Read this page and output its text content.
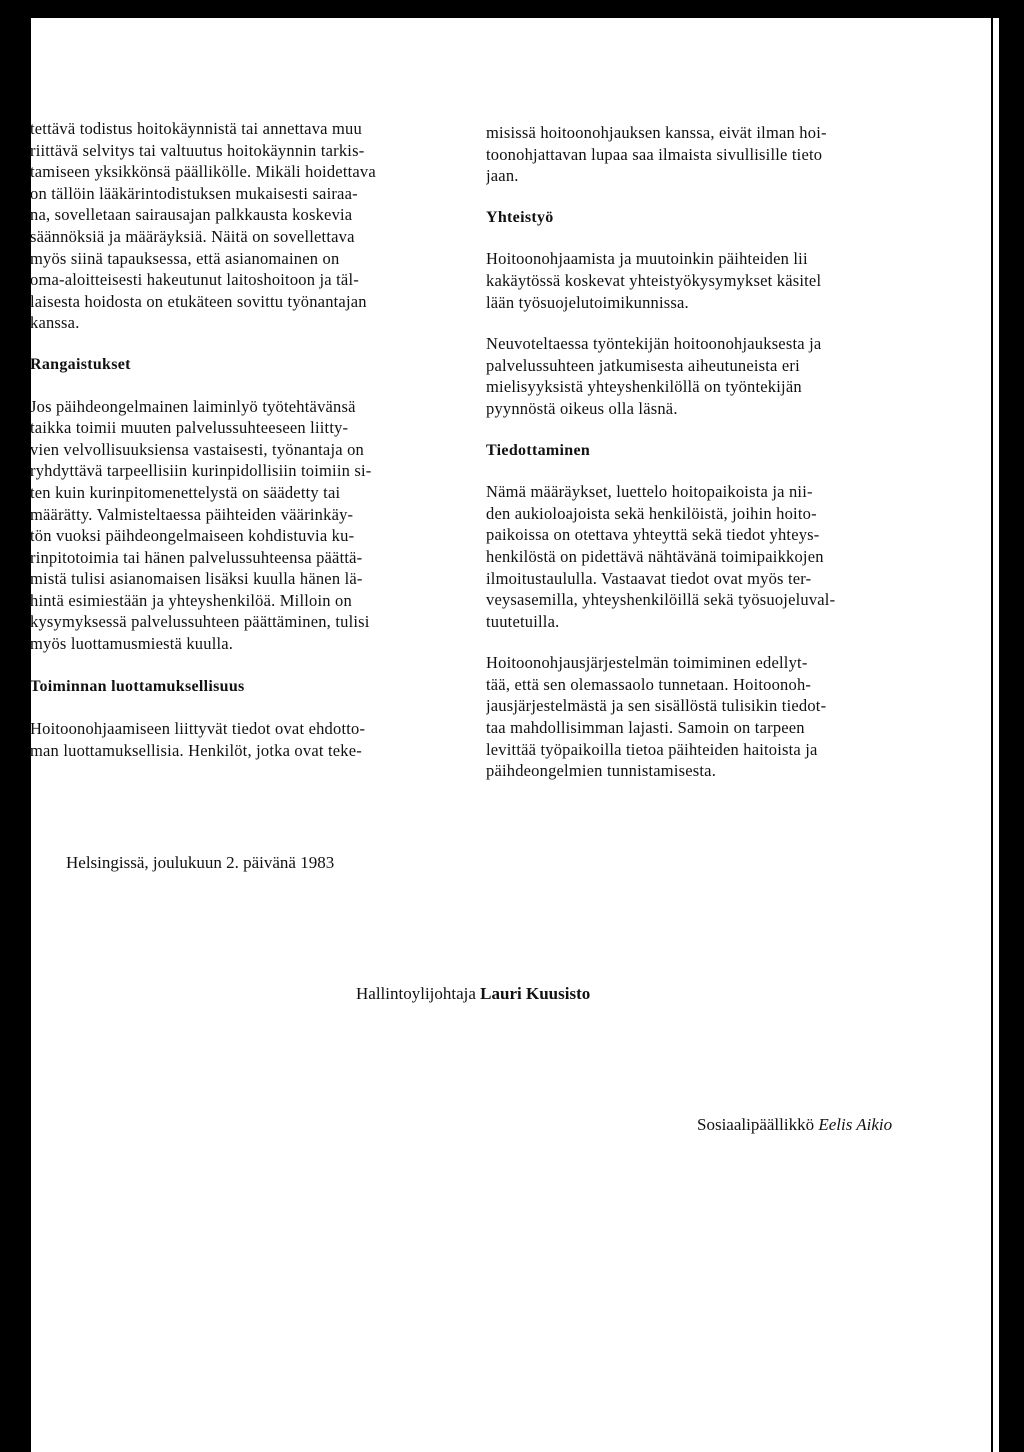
tettävä todistus hoitokäynnistä tai annettava muu
riittävä selvitys tai valtuutus hoitokäynnin tarkis-
tamiseen yksikkönsä päällikölle. Mikäli hoidettava
on tällöin lääkärintodistuksen mukaisesti sairaa-
na, sovelletaan sairausajan palkkausta koskevia
säännöksiä ja määräyksiä. Näitä on sovellettava
myös siinä tapauksessa, että asianomainen on
oma-aloitteisesti hakeutunut laitoshoitoon ja täl-
laisesta hoidosta on etukäteen sovittu työnantajan
kanssa.

Rangaistukset

Jos päihdeongelmainen laiminlyö työtehtävänsä
taikka toimii muuten palvelussuhteeseen liitty-
vien velvollisuuksiensa vastaisesti, työnantaja on
ryhdyttävä tarpeellisiin kurinpidollisiin toimiin si-
ten kuin kurinpitomenettelystä on säädetty tai
määrätty. Valmisteltaessa päihteiden väärinkäy-
tön vuoksi päihdeongelmaiseen kohdistuvia ku-
rinpitotoimia tai hänen palvelussuhteensa päättä-
mistä tulisi asianomaisen lisäksi kuulla hänen lä-
hintä esimiestään ja yhteyshenkilöä. Milloin on
kysymyksessä palvelussuhteen päättäminen, tulisi
myös luottamusmiestä kuulla.

Toiminnan luottamuksellisuus

Hoitoonohjaamiseen liittyvät tiedot ovat ehdotto-
man luottamuksellisia. Henkilöt, jotka ovat teke-

misissä hoitoonohjauksen kanssa, eivät ilman hoi-
toonohjattavan lupaa saa ilmaista sivullisille tieto
jaan.

Yhteistyö

Hoitoonohjaamista ja muutoinkin päihteiden lii
kakäytössä koskevat yhteistyökysymykset käsitel
lään työsuojelutoimikunnissa.

Neuvoteltaessa työntekijän hoitoonohjauksesta ja
palvelussuhteen jatkumisesta aiheutuneista eri
mielisyyksistä yhteyshenkilöllä on työntekijän
pyynnöstä oikeus olla läsnä.

Tiedottaminen

Nämä määräykset, luettelo hoitopaikoista ja nii-
den aukioloajoista sekä henkilöistä, joihin hoito-
paikoissa on otettava yhteyttä sekä tiedot yhteys-
henkilöstä on pidettävä nähtävänä toimipaikkojen
ilmoitustaululla. Vastaavat tiedot ovat myös ter-
veysasemilla, yhteyshenkilöillä sekä työsuojeluval-
tuutetuilla.

Hoitoonohjausjärjestelmän toimiminen edellyt-
tää, että sen olemassaolo tunnetaan. Hoitoonoh-
jausjärjestelmästä ja sen sisällöstä tulisikin tiedot-
taa mahdollisimman lajasti. Samoin on tarpeen
levittää työpaikoilla tietoa päihteiden haitoista ja
päihdeongelmien tunnistamisesta.

Helsingissä, joulukuun 2. päivänä 1983
Hallintoylijohtaja Lauri Kuusisto
Sosiaalipäällikkö Eelis Aikio
